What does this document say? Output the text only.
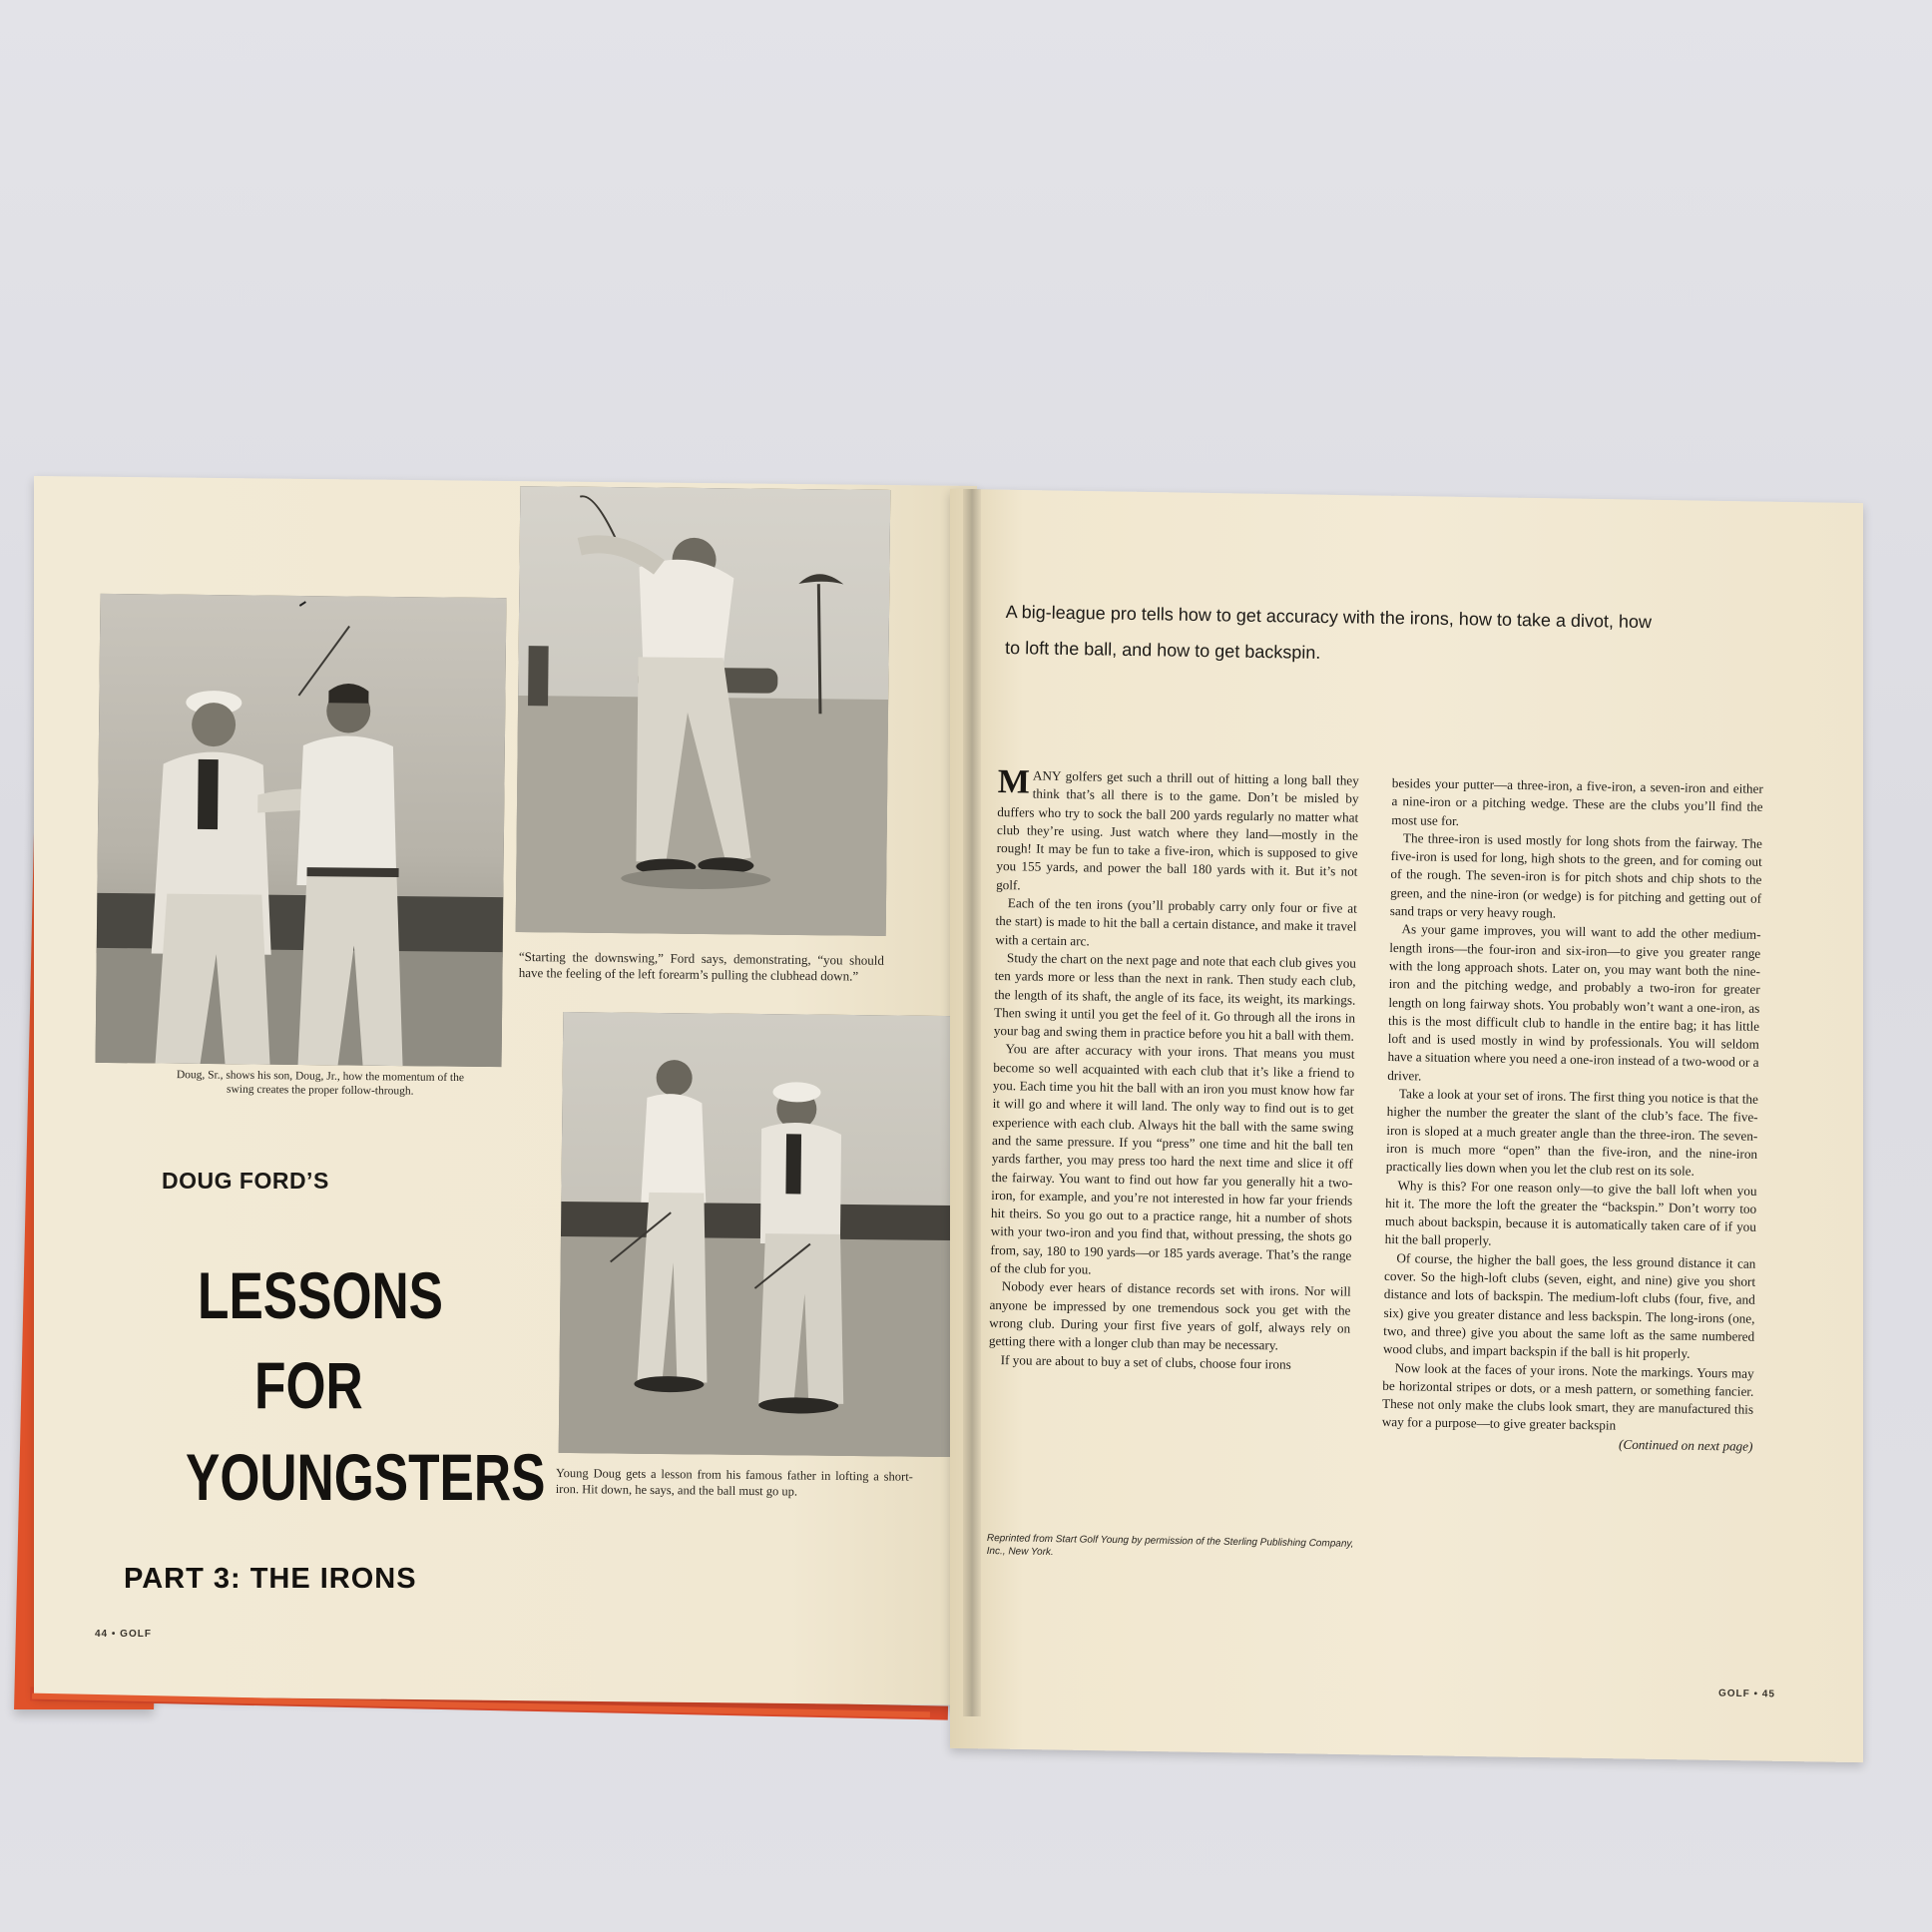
“Starting the downswing,” Ford says, demonstrating, “you should have the feeling of the left forearm’s pulling the clubhead down.”

Doug, Sr., shows his son, Doug, Jr., how the momentum of the swing creates the proper follow-through.

Young Doug gets a lesson from his famous father in lofting a short-iron. Hit down, he says, and the ball must go up.

DOUG FORD’S
LESSONS
FOR
YOUNGSTERS
PART 3: THE IRONS
44 • GOLF

A big-league pro tells how to get accuracy with the irons, how to take a divot, how to loft the ball, and how to get backspin.

MANY golfers get such a thrill out of hitting a long ball they think that’s all there is to the game. Don’t be misled by duffers who try to sock the ball 200 yards regularly no matter what club they’re using. Just watch where they land—mostly in the rough! It may be fun to take a five-iron, which is supposed to give you 155 yards, and power the ball 180 yards with it. But it’s not golf.

Each of the ten irons (you’ll probably carry only four or five at the start) is made to hit the ball a certain distance, and make it travel with a certain arc.

Study the chart on the next page and note that each club gives you ten yards more or less than the next in rank. Then study each club, the length of its shaft, the angle of its face, its weight, its markings. Then swing it until you get the feel of it. Go through all the irons in your bag and swing them in practice before you hit a ball with them.

You are after accuracy with your irons. That means you must become so well acquainted with each club that it’s like a friend to you. Each time you hit the ball with an iron you must know how far it will go and where it will land. The only way to find out is to get experience with each club. Always hit the ball with the same swing and the same pressure. If you “press” one time and hit the ball ten yards farther, you may press too hard the next time and slice it off the fairway. You want to find out how far you generally hit a two-iron, for example, and you’re not interested in how far your friends hit theirs. So you go out to a practice range, hit a number of shots with your two-iron and you find that, without pressing, the shots go from, say, 180 to 190 yards—or 185 yards average. That’s the range of the club for you.

Nobody ever hears of distance records set with irons. Nor will anyone be impressed by one tremendous sock you get with the wrong club. During your first five years of golf, always rely on getting there with a longer club than may be necessary.

If you are about to buy a set of clubs, choose four irons

besides your putter—a three-iron, a five-iron, a seven-iron and either a nine-iron or a pitching wedge. These are the clubs you’ll find the most use for.

The three-iron is used mostly for long shots from the fairway. The five-iron is used for long, high shots to the green, and for coming out of the rough. The seven-iron is for pitch shots and chip shots to the green, and the nine-iron (or wedge) is for pitching and getting out of sand traps or very heavy rough.

As your game improves, you will want to add the other medium-length irons—the four-iron and six-iron—to give you greater range with the long approach shots. Later on, you may want both the nine-iron and the pitching wedge, and probably a two-iron for greater length on long fairway shots. You probably won’t want a one-iron, as this is the most difficult club to handle in the entire bag; it has little loft and is used mostly in wind by professionals. You will seldom have a situation where you need a one-iron instead of a two-wood or a driver.

Take a look at your set of irons. The first thing you notice is that the higher the number the greater the slant of the club’s face. The five-iron is sloped at a much greater angle than the three-iron. The seven-iron is much more “open” than the five-iron, and the nine-iron practically lies down when you let the club rest on its sole.

Why is this? For one reason only—to give the ball loft when you hit it. The more the loft the greater the “backspin.” Don’t worry too much about backspin, because it is automatically taken care of if you hit the ball properly.

Of course, the higher the ball goes, the less ground distance it can cover. So the high-loft clubs (seven, eight, and nine) give you short distance and lots of backspin. The medium-loft clubs (four, five, and six) give you greater distance and less backspin. The long-irons (one, two, and three) give you about the same loft as the same numbered wood clubs, and impart backspin if the ball is hit properly.

Now look at the faces of your irons. Note the markings. Yours may be horizontal stripes or dots, or a mesh pattern, or something fancier. These not only make the clubs look smart, they are manufactured this way for a purpose—to give greater backspin
(Continued on next page)

Reprinted from Start Golf Young by permission of the Sterling Publishing Company, Inc., New York.

GOLF • 45
